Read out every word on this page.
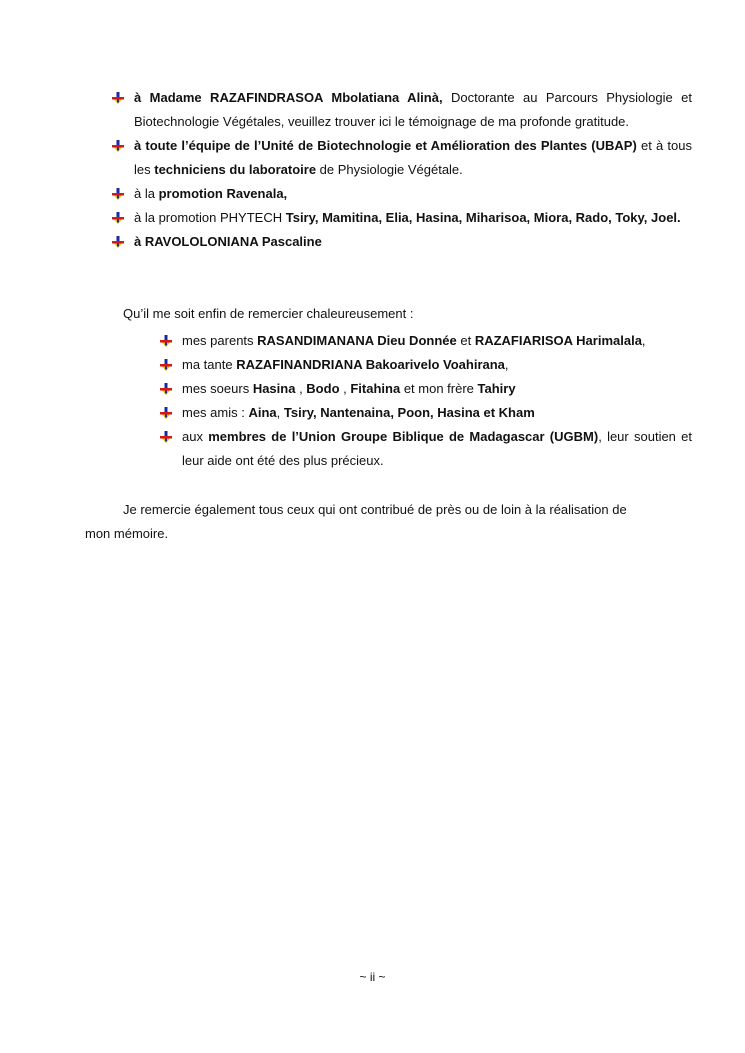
à Madame RAZAFINDRASOA Mbolatiana Alinà, Doctorante au Parcours Physiologie et Biotechnologie Végétales, veuillez trouver ici le témoignage de ma profonde gratitude.
à toute l’équipe de l’Unité de Biotechnologie et Amélioration des Plantes (UBAP) et à tous les techniciens du laboratoire de Physiologie Végétale.
à la promotion Ravenala,
à la promotion PHYTECH Tsiry, Mamitina, Elia, Hasina, Miharisoa, Miora, Rado, Toky, Joel.
à RAVOLOLONIANA Pascaline
Qu’il me soit enfin de remercier chaleureusement :
mes parents RASANDIMANANA Dieu Donnée et RAZAFIARISOA Harimalala,
ma tante RAZAFINANDRIANA Bakoarivelo Voahirana,
mes soeurs Hasina , Bodo , Fitahina et mon frère Tahiry
mes amis : Aina, Tsiry, Nantenaina, Poon, Hasina et Kham
aux membres de l’Union Groupe Biblique de Madagascar (UGBM), leur soutien et leur aide ont été des plus précieux.
Je remercie également tous ceux qui ont contribué de près ou de loin à la réalisation de
mon mémoire.
~ ii ~
